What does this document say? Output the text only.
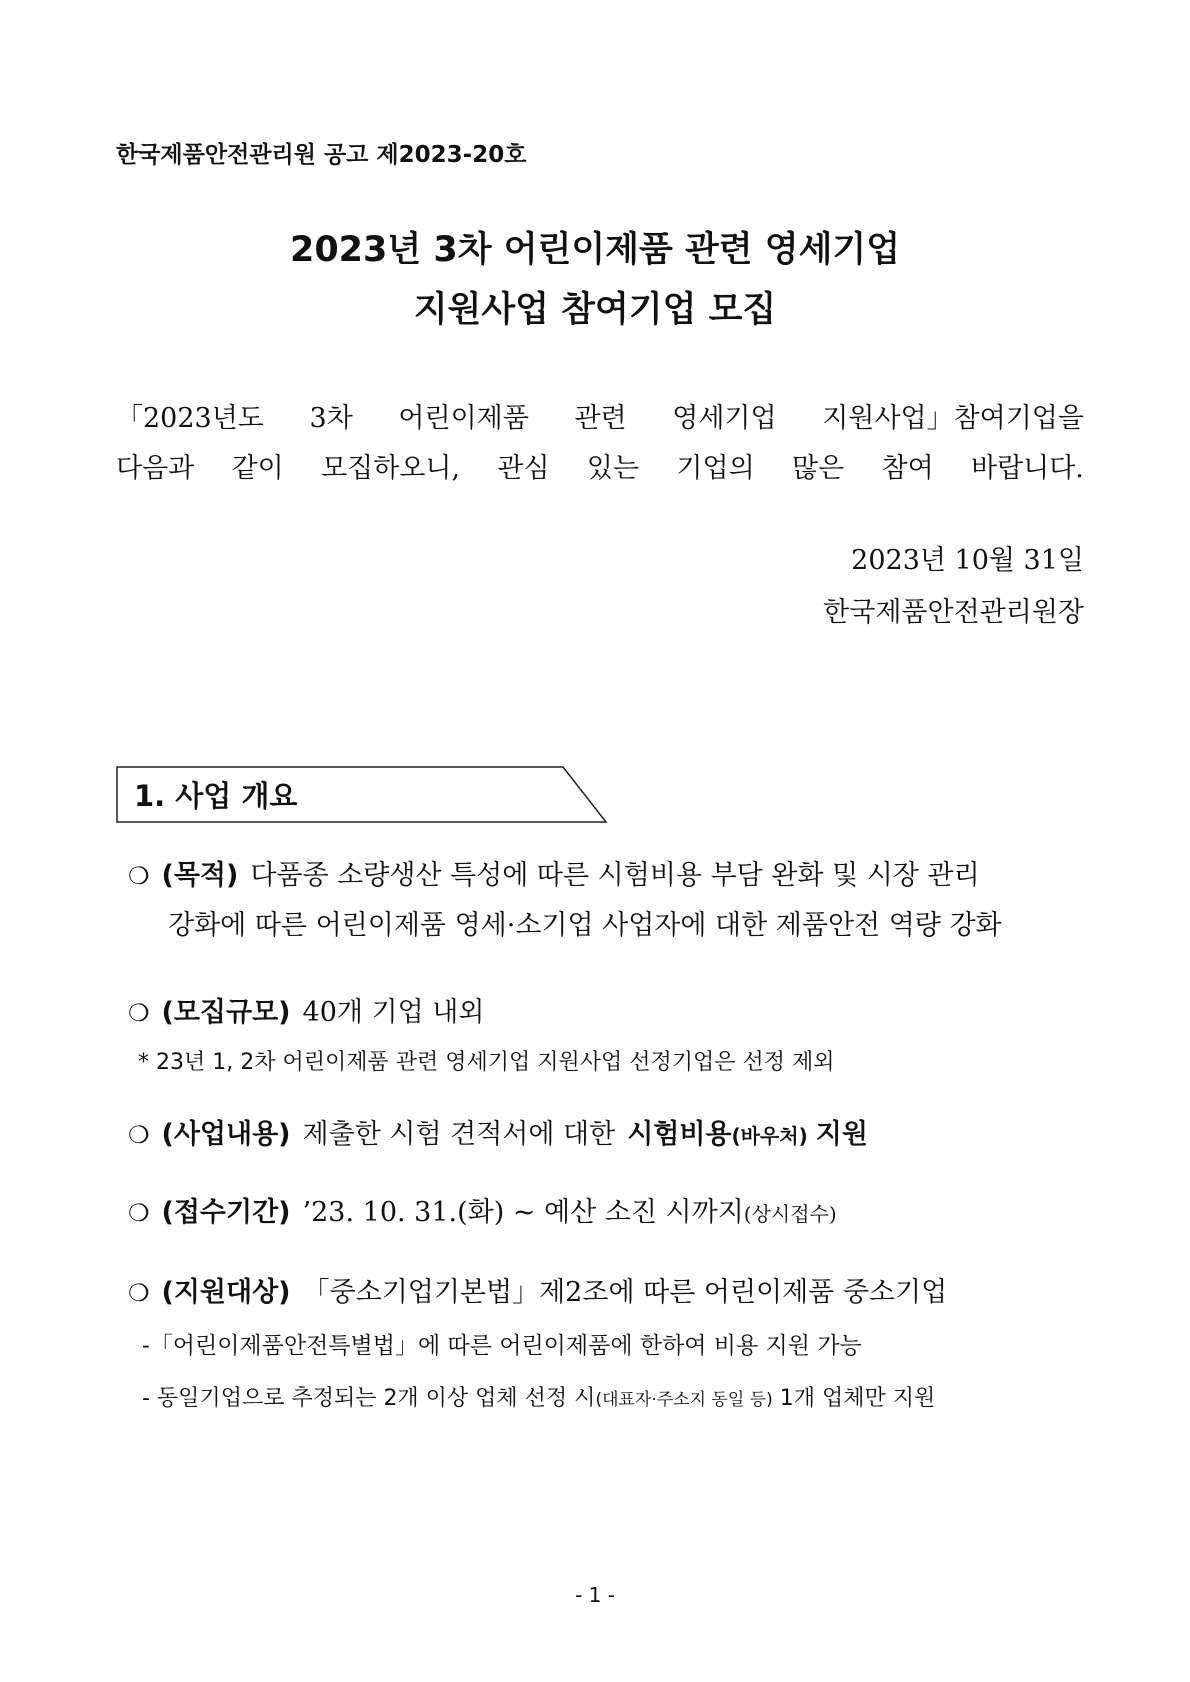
한국제품안전관리원 공고 제2023-20호
2023년 3차 어린이제품 관련 영세기업
지원사업 참여기업 모집
「2023년도 3차 어린이제품 관련 영세기업 지원사업」참여기업을
다음과 같이 모집하오니, 관심 있는 기업의 많은 참여 바랍니다.
2023년 10월 31일
한국제품안전관리원장
1. 사업 개요
❍ (목적) 다품종 소량생산 특성에 따른 시험비용 부담 완화 및 시장 관리
강화에 따른 어린이제품 영세·소기업 사업자에 대한 제품안전 역량 강화
❍ (모집규모) 40개 기업 내외
* 23년 1, 2차 어린이제품 관련 영세기업 지원사업 선정기업은 선정 제외
❍ (사업내용) 제출한 시험 견적서에 대한 시험비용 (바우처) 지원
❍ (접수기간) ’23. 10. 31.(화) ~ 예산 소진 시까지 (상시접수)
❍ (지원대상) 「중소기업기본법」제2조에 따른 어린이제품 중소기업
-「어린이제품안전특별법」에 따른 어린이제품에 한하여 비용 지원 가능
- 동일기업으로 추정되는 2개 이상 업체 선정 시(대표자·주소지 동일 등) 1개 업체만 지원
- 1 -
